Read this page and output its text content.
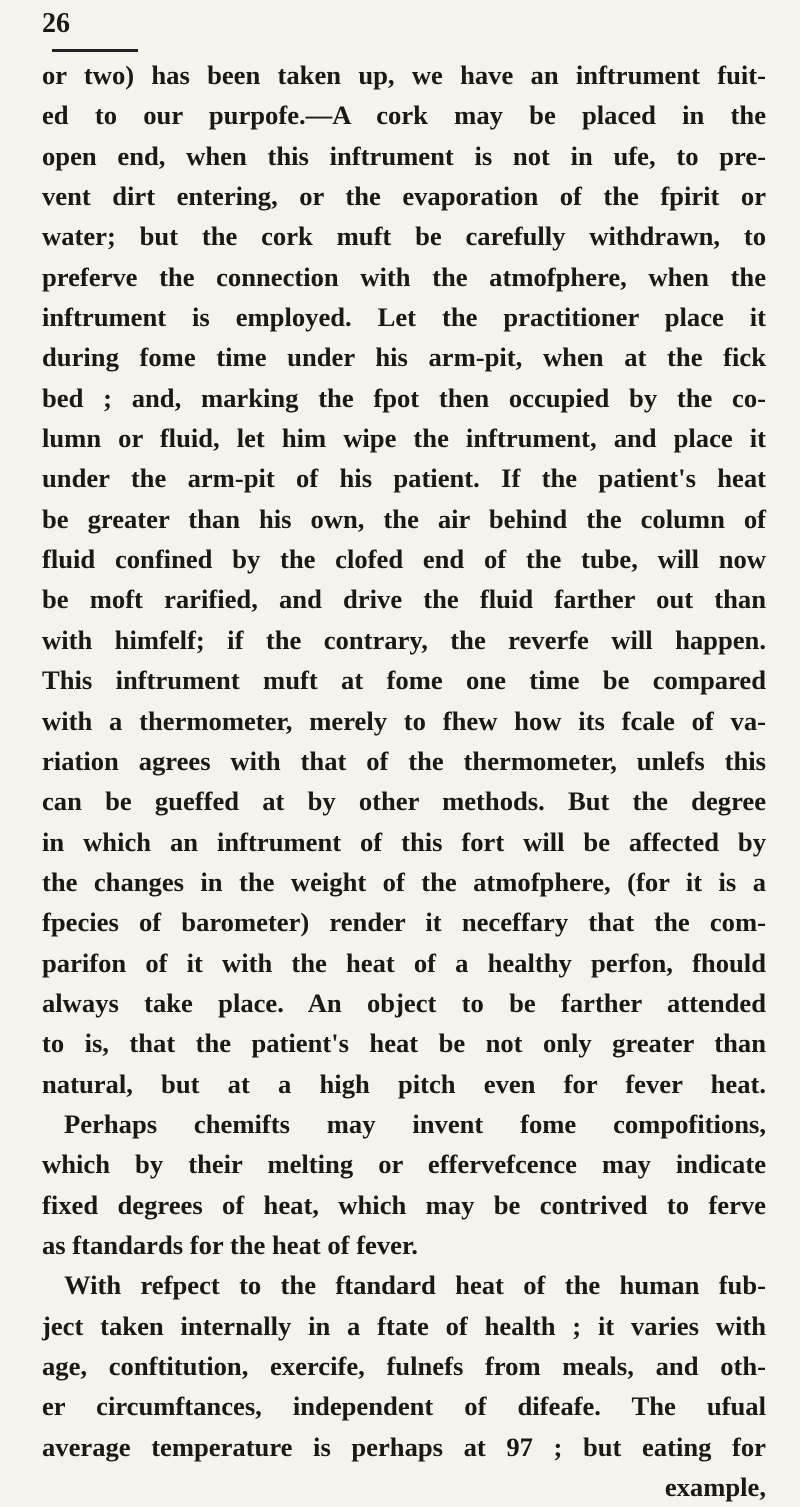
26
or two) has been taken up, we have an inftrument fuit-
ed to our purpofe.—A cork may be placed in the
open end, when this inftrument is not in ufe, to pre-
vent dirt entering, or the evaporation of the fpirit or
water; but the cork muft be carefully withdrawn, to
preferve the connection with the atmofphere, when the
inftrument is employed. Let the practitioner place it
during fome time under his arm-pit, when at the fick
bed ; and, marking the fpot then occupied by the co-
lumn or fluid, let him wipe the inftrument, and place it
under the arm-pit of his patient. If the patient's heat
be greater than his own, the air behind the column of
fluid confined by the clofed end of the tube, will now
be moft rarified, and drive the fluid farther out than
with himfelf; if the contrary, the reverfe will happen.
This inftrument muft at fome one time be compared
with a thermometer, merely to fhew how its fcale of va-
riation agrees with that of the thermometer, unlefs this
can be gueffed at by other methods. But the degree
in which an inftrument of this fort will be affected by
the changes in the weight of the atmofphere, (for it is a
fpecies of barometer) render it neceffary that the com-
parifon of it with the heat of a healthy perfon, fhould
always take place. An object to be farther attended
to is, that the patient's heat be not only greater than
natural, but at a high pitch even for fever heat.
Perhaps chemifts may invent fome compofitions,
which by their melting or effervefcence may indicate
fixed degrees of heat, which may be contrived to ferve
as ftandards for the heat of fever.
With refpect to the ftandard heat of the human fub-
ject taken internally in a ftate of health ; it varies with
age, conftitution, exercife, fulnefs from meals, and oth-
er circumftances, independent of difeafe. The ufual
average temperature is perhaps at 97 ; but eating for
example,
